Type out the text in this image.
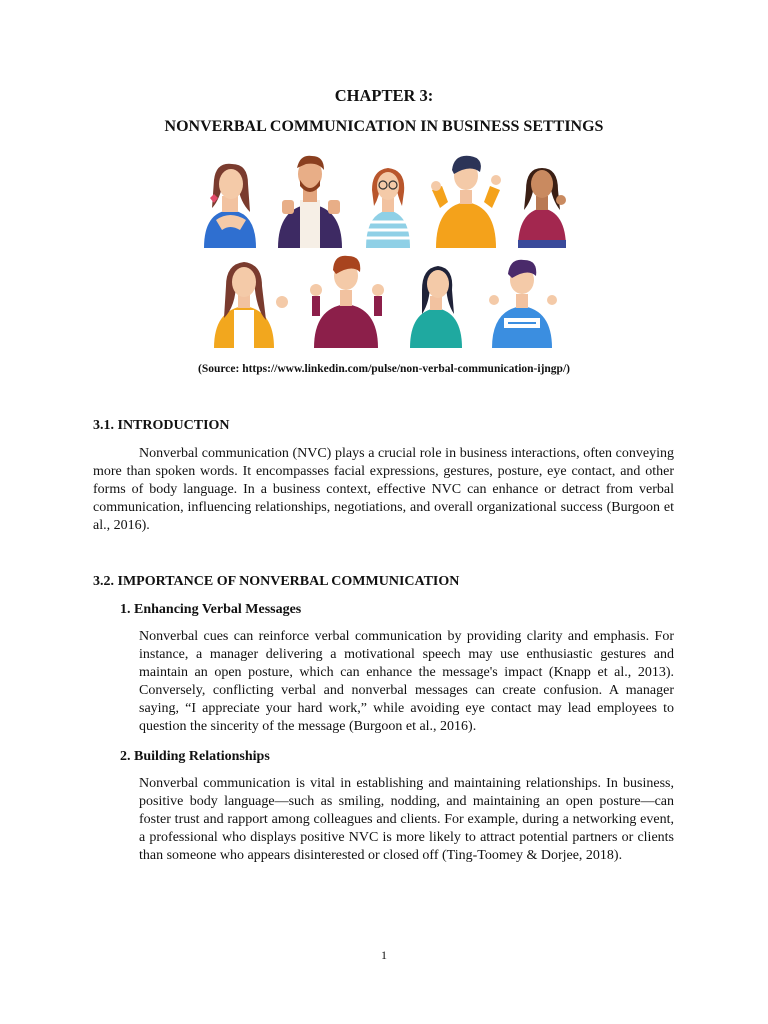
CHAPTER 3:
NONVERBAL COMMUNICATION IN BUSINESS SETTINGS
(Source: https://www.linkedin.com/pulse/non-verbal-communication-ijngp/)
3.1. INTRODUCTION
Nonverbal communication (NVC) plays a crucial role in business interactions, often conveying more than spoken words. It encompasses facial expressions, gestures, posture, eye contact, and other forms of body language. In a business context, effective NVC can enhance or detract from verbal communication, influencing relationships, negotiations, and overall organizational success (Burgoon et al., 2016).
3.2. IMPORTANCE OF NONVERBAL COMMUNICATION
1. Enhancing Verbal Messages
Nonverbal cues can reinforce verbal communication by providing clarity and emphasis. For instance, a manager delivering a motivational speech may use enthusiastic gestures and maintain an open posture, which can enhance the message's impact (Knapp et al., 2013). Conversely, conflicting verbal and nonverbal messages can create confusion. A manager saying, “I appreciate your hard work,” while avoiding eye contact may lead employees to question the sincerity of the message (Burgoon et al., 2016).
2. Building Relationships
Nonverbal communication is vital in establishing and maintaining relationships. In business, positive body language—such as smiling, nodding, and maintaining an open posture—can foster trust and rapport among colleagues and clients. For example, during a networking event, a professional who displays positive NVC is more likely to attract potential partners or clients than someone who appears disinterested or closed off (Ting-Toomey & Dorjee, 2018).
1
